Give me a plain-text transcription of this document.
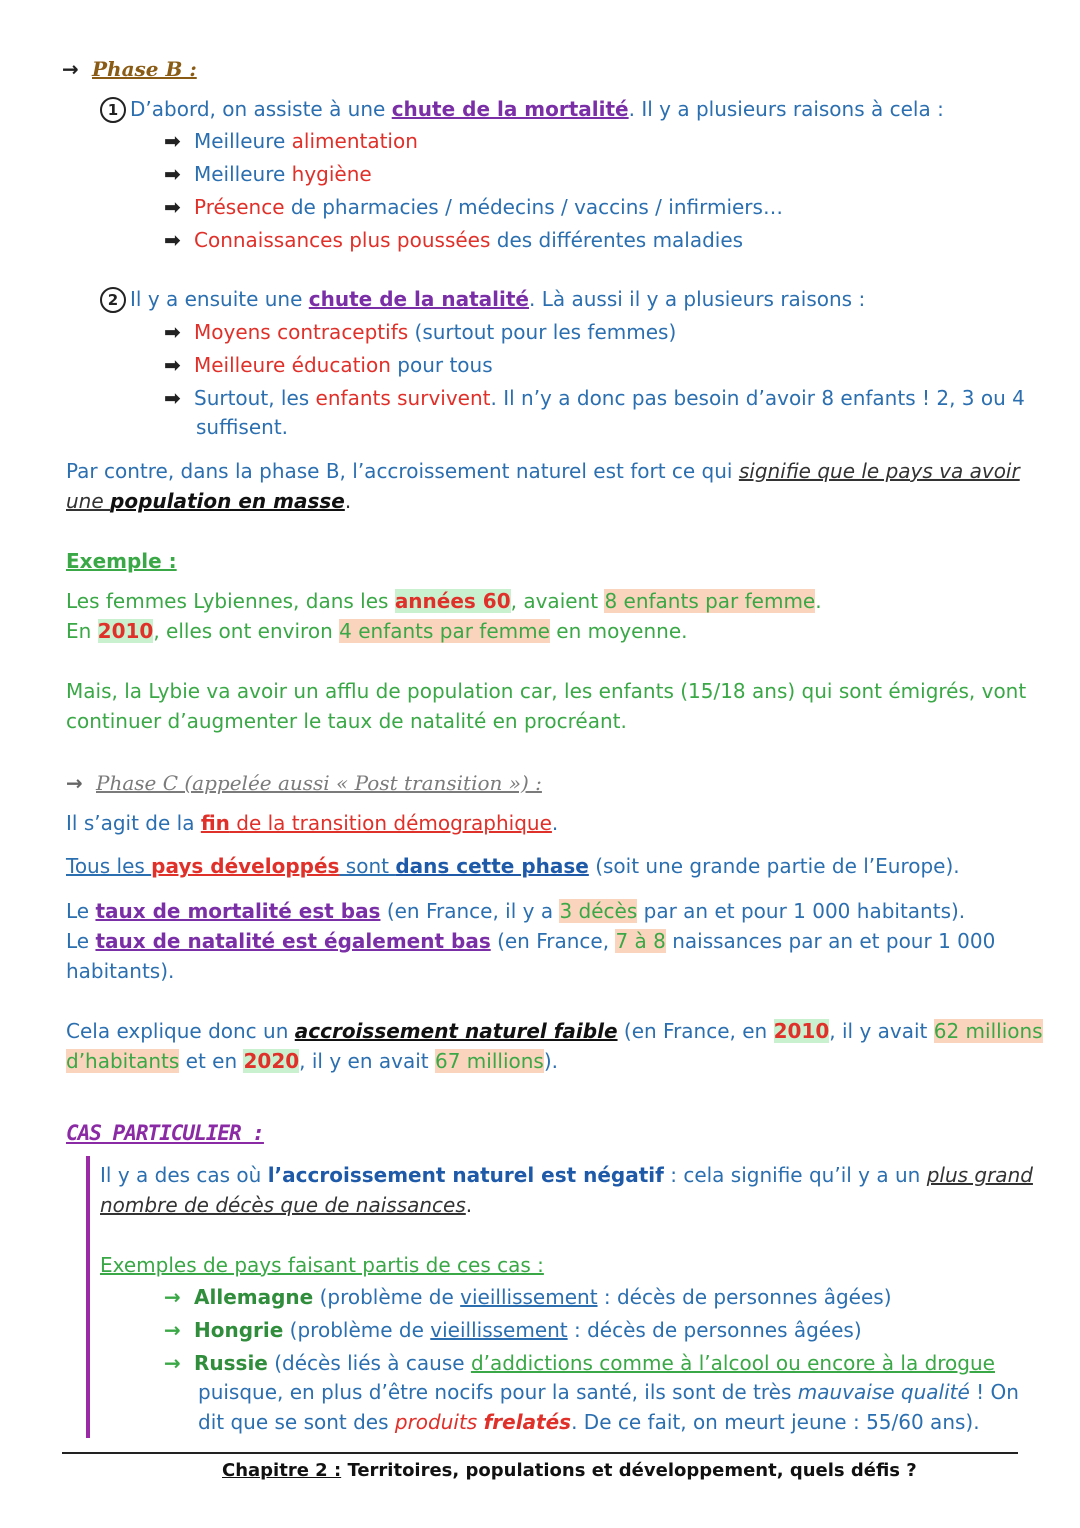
→ Phase B :
1 D’abord, on assiste à une chute de la mortalité. Il y a plusieurs raisons à cela :
➡ Meilleure alimentation
➡ Meilleure hygiène
➡ Présence de pharmacies / médecins / vaccins / infirmiers…
➡ Connaissances plus poussées des différentes maladies
2 Il y a ensuite une chute de la natalité. Là aussi il y a plusieurs raisons :
➡ Moyens contraceptifs (surtout pour les femmes)
➡ Meilleure éducation pour tous
➡ Surtout, les enfants survivent. Il n’y a donc pas besoin d’avoir 8 enfants ! 2, 3 ou 4
suffisent.
Par contre, dans la phase B, l’accroissement naturel est fort ce qui signifie que le pays va avoir
une population en masse.
Exemple :
Les femmes Lybiennes, dans les années 60, avaient 8 enfants par femme.
En 2010, elles ont environ 4 enfants par femme en moyenne.
Mais, la Lybie va avoir un afflu de population car, les enfants (15/18 ans) qui sont émigrés, vont
continuer d’augmenter le taux de natalité en procréant.
→ Phase C (appelée aussi « Post transition ») :
Il s’agit de la fin de la transition démographique.
Tous les pays développés sont dans cette phase (soit une grande partie de l’Europe).
Le taux de mortalité est bas (en France, il y a 3 décès par an et pour 1 000 habitants).
Le taux de natalité est également bas (en France, 7 à 8 naissances par an et pour 1 000
habitants).
Cela explique donc un accroissement naturel faible (en France, en 2010, il y avait 62 millions
d’habitants et en 2020, il y en avait 67 millions).
CAS PARTICULIER :
Il y a des cas où l’accroissement naturel est négatif : cela signifie qu’il y a un plus grand
nombre de décès que de naissances.
Exemples de pays faisant partis de ces cas :
→ Allemagne (problème de vieillissement : décès de personnes âgées)
→ Hongrie (problème de vieillissement : décès de personnes âgées)
→ Russie (décès liés à cause d’addictions comme à l’alcool ou encore à la drogue
puisque, en plus d’être nocifs pour la santé, ils sont de très mauvaise qualité ! On
dit que se sont des produits frelatés. De ce fait, on meurt jeune : 55/60 ans).
Chapitre 2 : Territoires, populations et développement, quels défis ?
